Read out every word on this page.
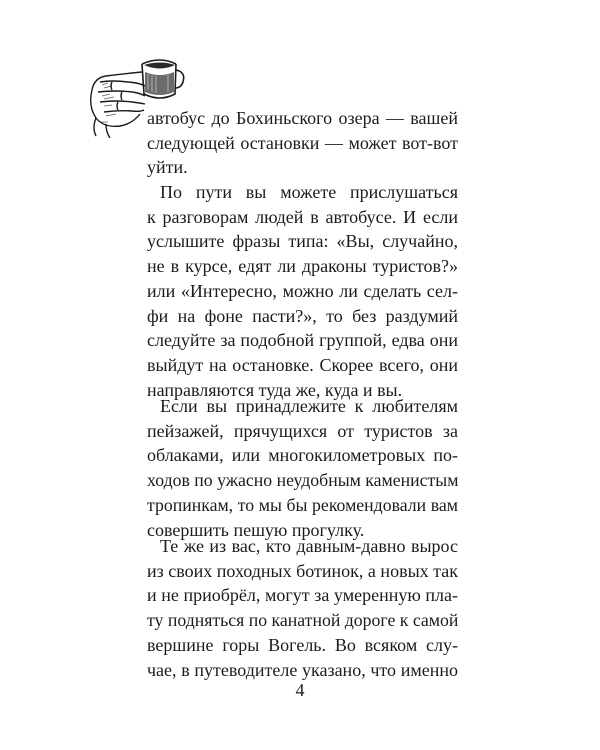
автобус до Бохиньского озера — вашей
следующей остановки — может вот-вот
уйти.
По пути вы можете прислушаться
к разговорам людей в автобусе. И если
услышите фразы типа: «Вы, случайно,
не в курсе, едят ли драконы туристов?»
или «Интересно, можно ли сделать сел-
фи на фоне пасти?», то без раздумий
следуйте за подобной группой, едва они
выйдут на остановке. Скорее всего, они
направляются туда же, куда и вы.
Если вы принадлежите к любителям
пейзажей, прячущихся от туристов за
облаками, или многокилометровых по-
ходов по ужасно неудобным каменистым
тропинкам, то мы бы рекомендовали вам
совершить пешую прогулку.
Те же из вас, кто давным-давно вырос
из своих походных ботинок, а новых так
и не приобрёл, могут за умеренную пла-
ту подняться по канатной дороге к самой
вершине горы Вогель. Во всяком слу-
чае, в путеводителе указано, что именно
4
